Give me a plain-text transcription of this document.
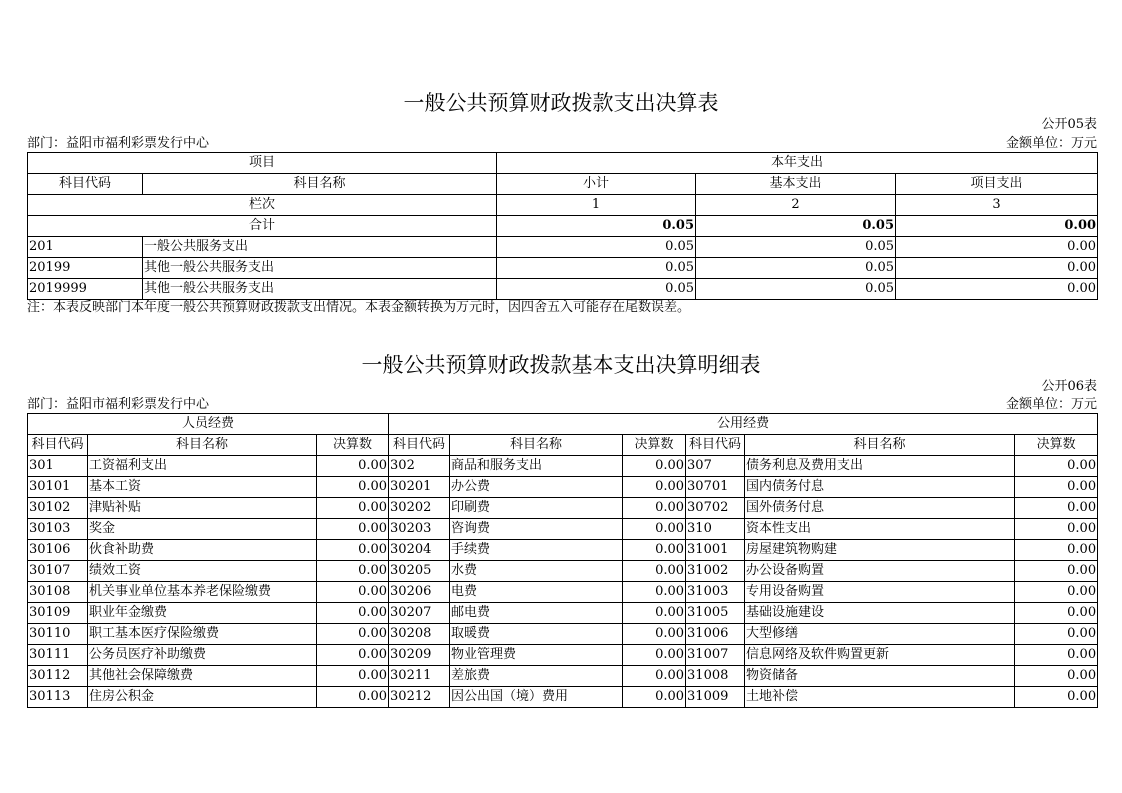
一般公共预算财政拨款支出决算表
公开05表
部门：益阳市福利彩票发行中心	金额单位：万元
项目		本年支出		
科目代码	科目名称	小计	基本支出	项目支出
栏次		1	2	3
合计		0.05	0.05	0.00
201	一般公共服务支出	0.05	0.05	0.00
20199	其他一般公共服务支出	0.05	0.05	0.00
2019999	其他一般公共服务支出	0.05	0.05	0.00
注：本表反映部门本年度一般公共预算财政拨款支出情况。本表金额转换为万元时，因四舍五入可能存在尾数误差。
一般公共预算财政拨款基本支出决算明细表
公开06表
部门：益阳市福利彩票发行中心	金额单位：万元
人员经费			公用经费					
科目代码	科目名称	决算数	科目代码	科目名称	决算数	科目代码	科目名称	决算数
301	工资福利支出	0.00	302	商品和服务支出	0.00	307	债务利息及费用支出	0.00
30101	基本工资	0.00	30201	办公费	0.00	30701	国内债务付息	0.00
30102	津贴补贴	0.00	30202	印刷费	0.00	30702	国外债务付息	0.00
30103	奖金	0.00	30203	咨询费	0.00	310	资本性支出	0.00
30106	伙食补助费	0.00	30204	手续费	0.00	31001	房屋建筑物购建	0.00
30107	绩效工资	0.00	30205	水费	0.00	31002	办公设备购置	0.00
30108	机关事业单位基本养老保险缴费	0.00	30206	电费	0.00	31003	专用设备购置	0.00
30109	职业年金缴费	0.00	30207	邮电费	0.00	31005	基础设施建设	0.00
30110	职工基本医疗保险缴费	0.00	30208	取暖费	0.00	31006	大型修缮	0.00
30111	公务员医疗补助缴费	0.00	30209	物业管理费	0.00	31007	信息网络及软件购置更新	0.00
30112	其他社会保障缴费	0.00	30211	差旅费	0.00	31008	物资储备	0.00
30113	住房公积金	0.00	30212	因公出国（境）费用	0.00	31009	土地补偿	0.00
